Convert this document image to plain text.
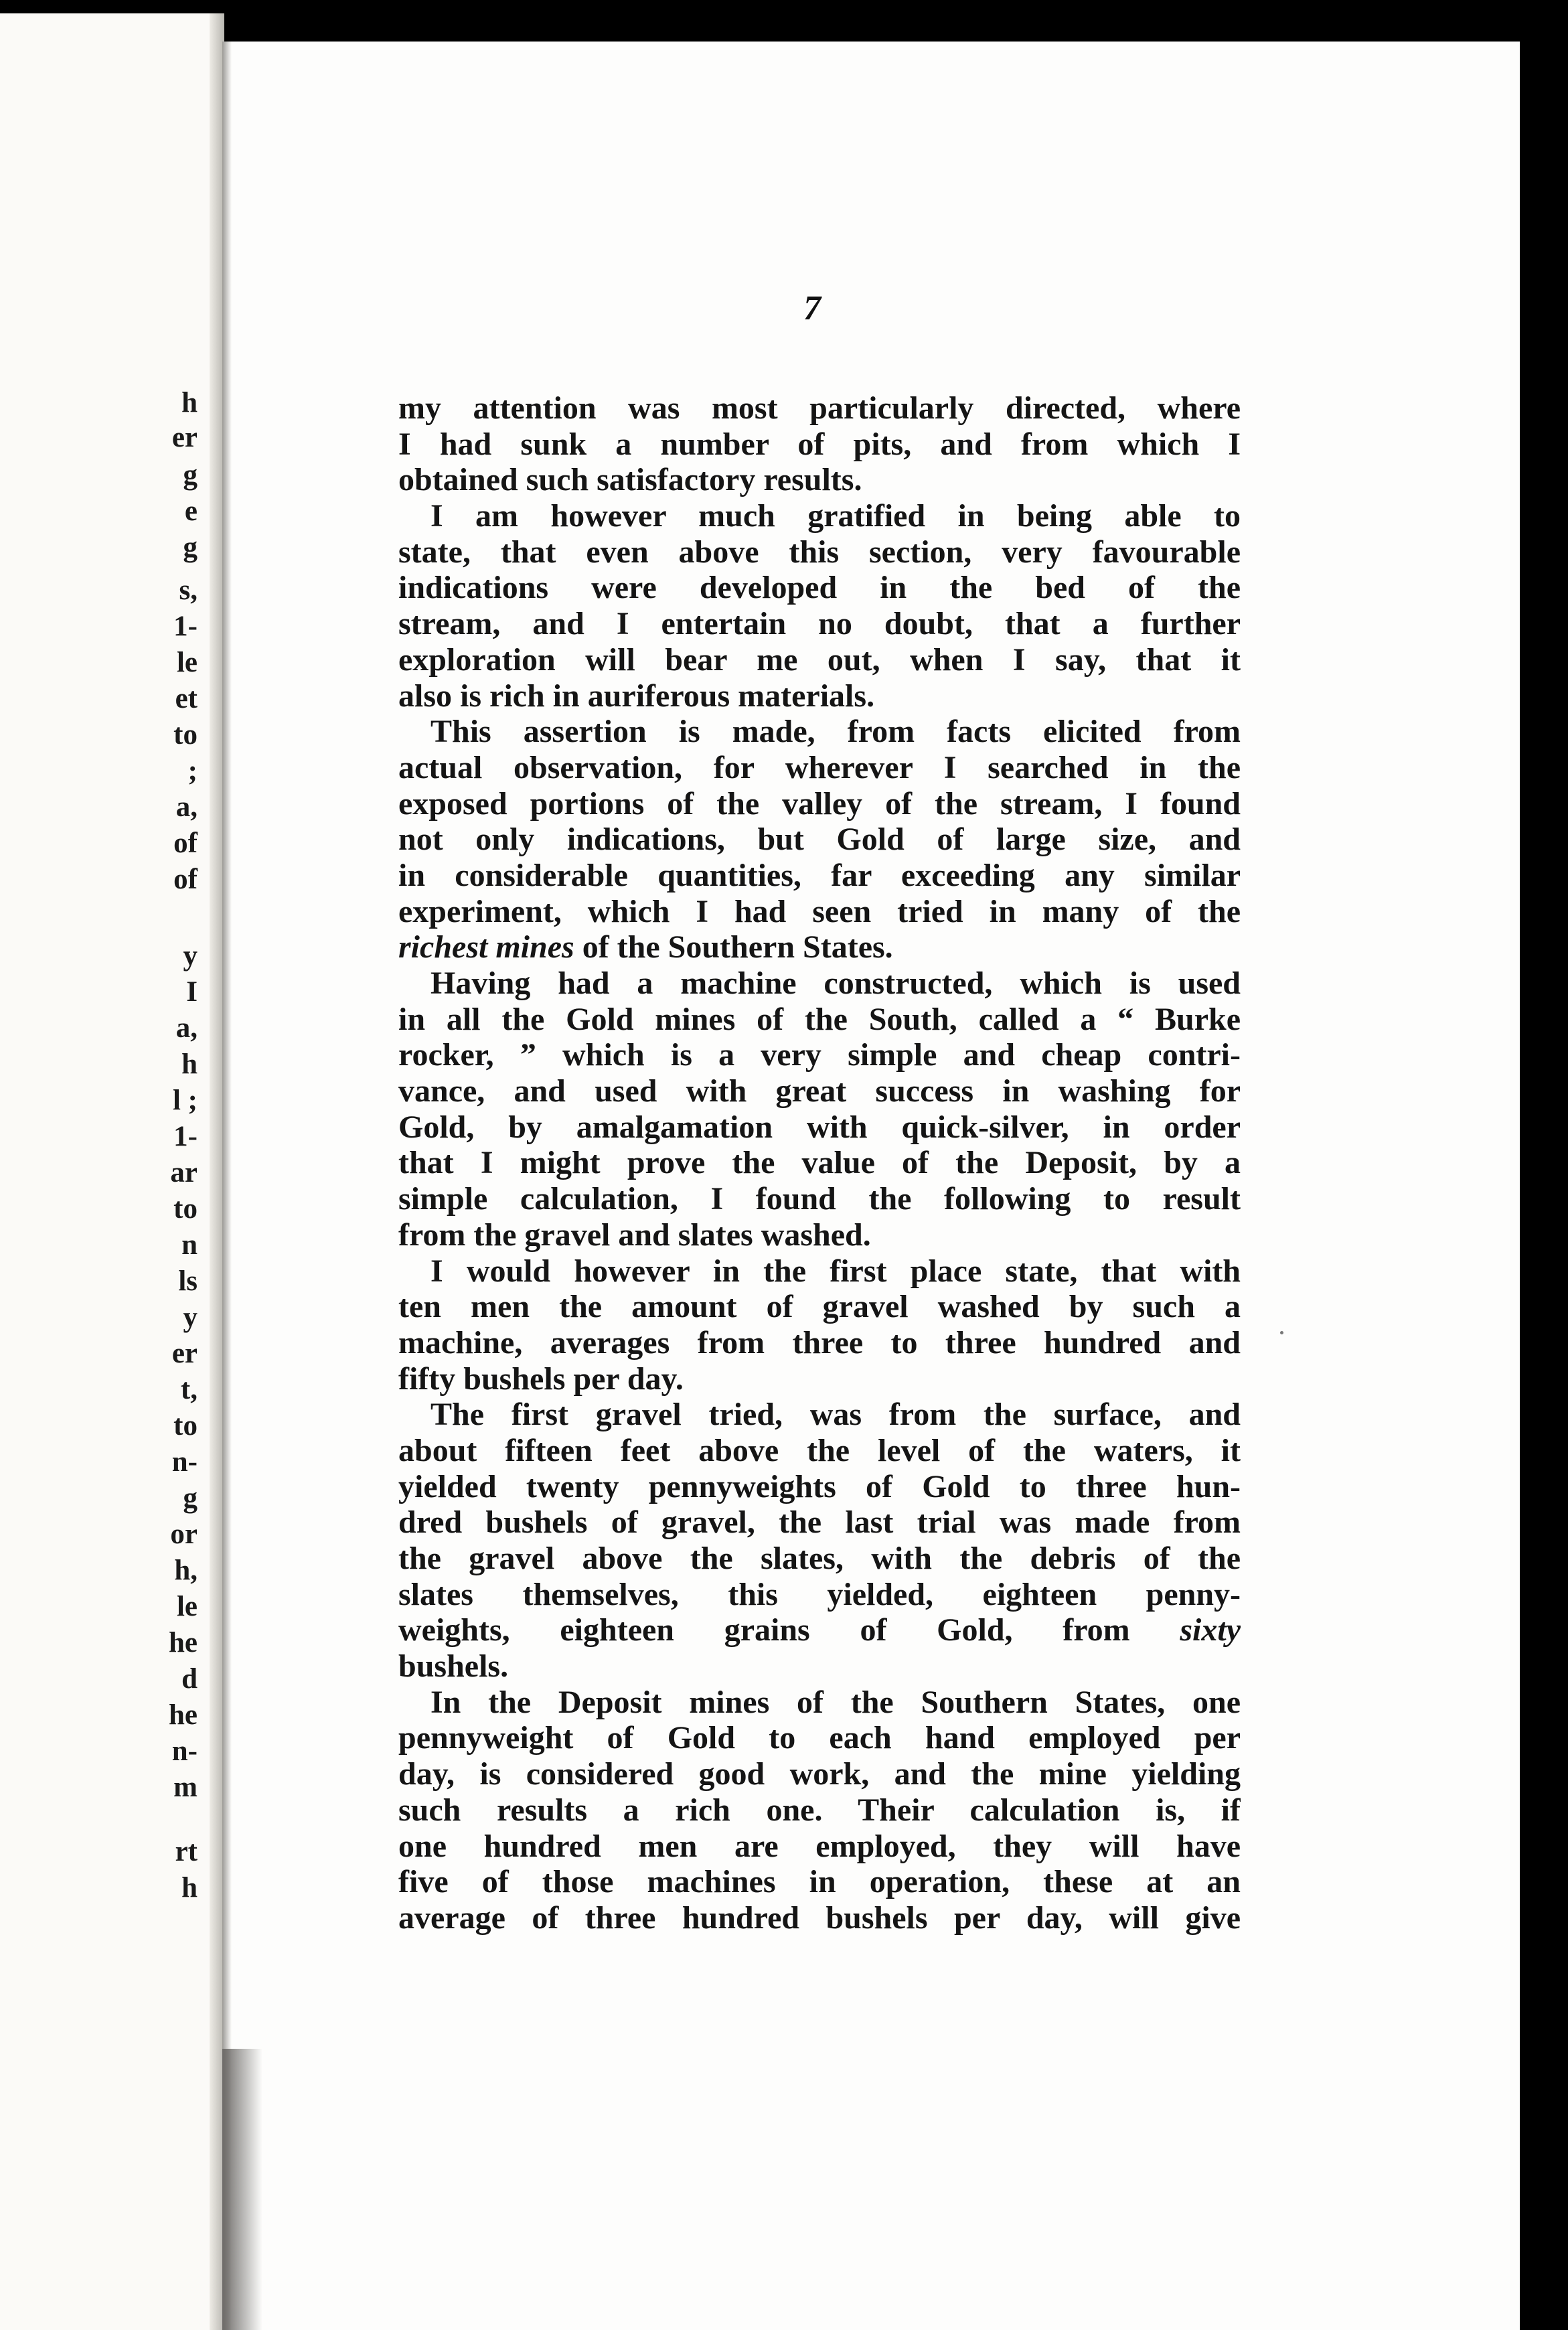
h
er
g
e
g
s,
1-
le
et
to
;
a,
of
of
y
I
a,
h
l ;
1-
ar
to
n
ls
y
er
t,
to
n-
g
or
h,
le
he
d
he
n-
m
rt
h
7
my attention was most particularly directed, where
I had sunk a number of pits, and from which I
obtained such satisfactory results.
I am however much gratified in being able to
state, that even above this section, very favourable
indications were developed in the bed of the
stream, and I entertain no doubt, that a further
exploration will bear me out, when I say, that it
also is rich in auriferous materials.
This assertion is made, from facts elicited from
actual observation, for wherever I searched in the
exposed portions of the valley of the stream, I found
not only indications, but Gold of large size, and
in considerable quantities, far exceeding any similar
experiment, which I had seen tried in many of the
richest mines of the Southern States.
Having had a machine constructed, which is used
in all the Gold mines of the South, called a “ Burke
rocker, ” which is a very simple and cheap contri-
vance, and used with great success in washing for
Gold, by amalgamation with quick-silver, in order
that I might prove the value of the Deposit, by a
simple calculation, I found the following to result
from the gravel and slates washed.
I would however in the first place state, that with
ten men the amount of gravel washed by such a
machine, averages from three to three hundred and
fifty bushels per day.
The first gravel tried, was from the surface, and
about fifteen feet above the level of the waters, it
yielded twenty pennyweights of Gold to three hun-
dred bushels of gravel, the last trial was made from
the gravel above the slates, with the debris of the
slates themselves, this yielded, eighteen penny-
weights, eighteen grains of Gold, from sixty
bushels.
In the Deposit mines of the Southern States, one
pennyweight of Gold to each hand employed per
day, is considered good work, and the mine yielding
such results a rich one. Their calculation is, if
one hundred men are employed, they will have
five of those machines in operation, these at an
average of three hundred bushels per day, will give
